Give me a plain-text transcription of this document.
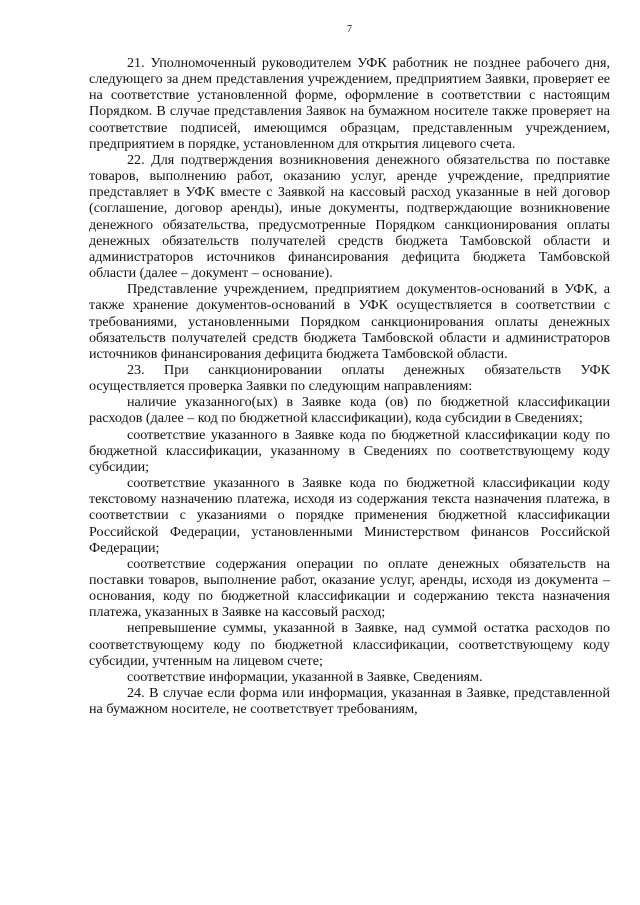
7

21. Уполномоченный руководителем УФК работник не позднее рабочего дня, следующего за днем представления учреждением, предприятием Заявки, проверяет ее на соответствие установленной форме, оформление в соответствии с настоящим Порядком. В случае представления Заявок на бумажном носителе также проверяет на соответствие подписей, имеющимся образцам, представленным учреждением, предприятием в порядке, установленном для открытия лицевого счета.

22. Для подтверждения возникновения денежного обязательства по поставке товаров, выполнению работ, оказанию услуг, аренде учреждение, предприятие представляет в УФК вместе с Заявкой на кассовый расход указанные в ней договор (соглашение, договор аренды), иные документы, подтверждающие возникновение денежного обязательства, предусмотренные Порядком санкционирования оплаты денежных обязательств получателей средств бюджета Тамбовской области и администраторов источников финансирования дефицита бюджета Тамбовской области (далее – документ – основание).

Представление учреждением, предприятием документов-оснований в УФК, а также хранение документов-оснований в УФК осуществляется в соответствии с требованиями, установленными Порядком санкционирования оплаты денежных обязательств получателей средств бюджета Тамбовской области и администраторов источников финансирования дефицита бюджета Тамбовской области.

23. При санкционировании оплаты денежных обязательств УФК осуществляется проверка Заявки по следующим направлениям:

наличие указанного(ых) в Заявке кода (ов) по бюджетной классификации расходов (далее – код по бюджетной классификации), кода субсидии в Сведениях;

соответствие указанного в Заявке кода по бюджетной классификации коду по бюджетной классификации, указанному в Сведениях по соответствующему коду субсидии;

соответствие указанного в Заявке кода по бюджетной классификации коду текстовому назначению платежа, исходя из содержания текста назначения платежа, в соответствии с указаниями о порядке применения бюджетной классификации Российской Федерации, установленными Министерством финансов Российской Федерации;

соответствие содержания операции по оплате денежных обязательств на поставки товаров, выполнение работ, оказание услуг, аренды, исходя из документа – основания, коду по бюджетной классификации и содержанию текста назначения платежа, указанных в Заявке на кассовый расход;

непревышение суммы, указанной в Заявке, над суммой остатка расходов по соответствующему коду по бюджетной классификации, соответствующему коду субсидии, учтенным на лицевом счете;

соответствие информации, указанной в Заявке, Сведениям.

24. В случае если форма или информация, указанная в Заявке, представленной на бумажном носителе, не соответствует требованиям,
